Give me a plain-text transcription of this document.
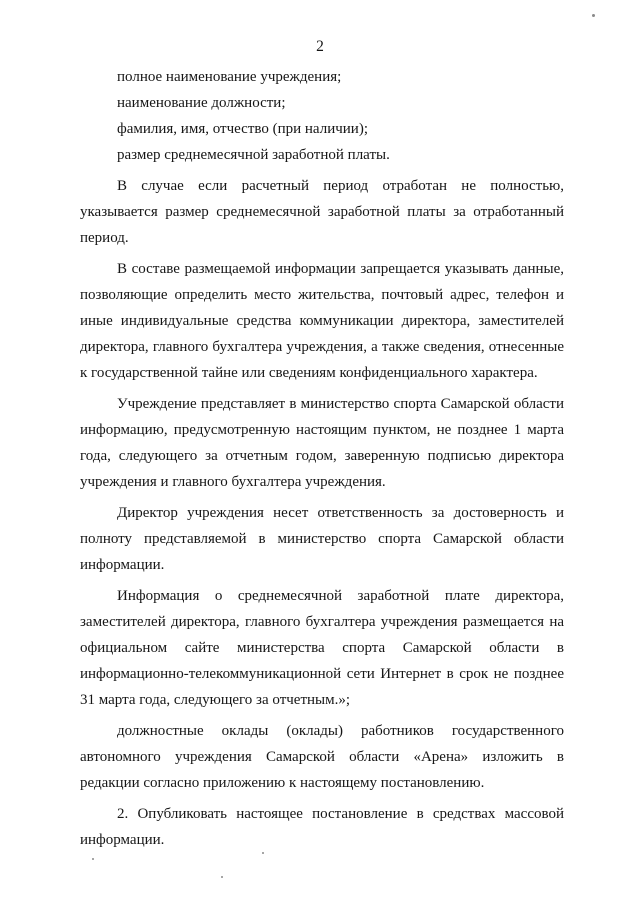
2

полное наименование учреждения;

наименование должности;

фамилия, имя, отчество (при наличии);

размер среднемесячной заработной платы.

В случае если расчетный период отработан не полностью, указывается размер среднемесячной заработной платы за отработанный период.

В составе размещаемой информации запрещается указывать данные, позволяющие определить место жительства, почтовый адрес, телефон и иные индивидуальные средства коммуникации директора, заместителей директора, главного бухгалтера учреждения, а также сведения, отнесенные к государственной тайне или сведениям конфиденциального характера.

Учреждение представляет в министерство спорта Самарской области информацию, предусмотренную настоящим пунктом, не позднее 1 марта года, следующего за отчетным годом, заверенную подписью директора учреждения и главного бухгалтера учреждения.

Директор учреждения несет ответственность за достоверность и полноту представляемой в министерство спорта Самарской области информации.

Информация о среднемесячной заработной плате директора, заместителей директора, главного бухгалтера учреждения размещается на официальном сайте министерства спорта Самарской области в информационно-телекоммуникационной сети Интернет в срок не позднее 31 марта года, следующего за отчетным.»;

должностные оклады (оклады) работников государственного автономного учреждения Самарской области «Арена» изложить в редакции согласно приложению к настоящему постановлению.

2. Опубликовать настоящее постановление в средствах массовой информации.
